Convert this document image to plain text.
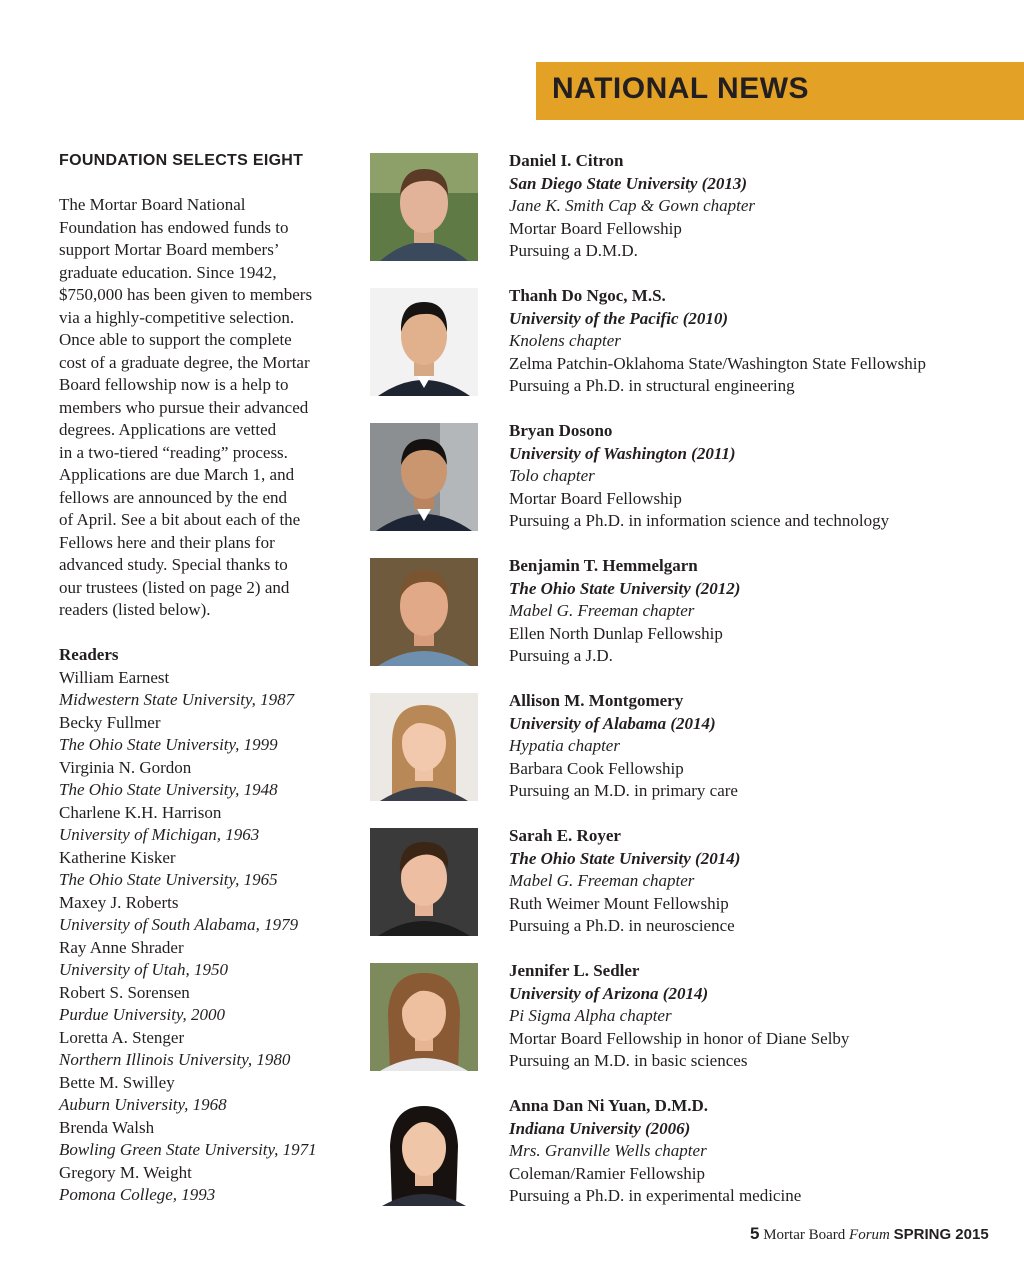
NATIONAL NEWS
FOUNDATION SELECTS EIGHT

The Mortar Board National
Foundation has endowed funds to
support Mortar Board members’
graduate education. Since 1942,
$750,000 has been given to members
via a highly-competitive selection.
Once able to support the complete
cost of a graduate degree, the Mortar
Board fellowship now is a help to
members who pursue their advanced
degrees. Applications are vetted
in a two-tiered “reading” process.
Applications are due March 1, and
fellows are announced by the end
of April. See a bit about each of the
Fellows here and their plans for
advanced study. Special thanks to
our trustees (listed on page 2) and
readers (listed below).

Readers
William Earnest
Midwestern State University, 1987
Becky Fullmer
The Ohio State University, 1999
Virginia N. Gordon
The Ohio State University, 1948
Charlene K.H. Harrison
University of Michigan, 1963
Katherine Kisker
The Ohio State University, 1965
Maxey J. Roberts
University of South Alabama, 1979
Ray Anne Shrader
University of Utah, 1950
Robert S. Sorensen
Purdue University, 2000
Loretta A. Stenger
Northern Illinois University, 1980
Bette M. Swilley
Auburn University, 1968
Brenda Walsh
Bowling Green State University, 1971
Gregory M. Weight
Pomona College, 1993
Daniel I. Citron
San Diego State University (2013)
Jane K. Smith Cap & Gown chapter
Mortar Board Fellowship
Pursuing a D.M.D.
Thanh Do Ngoc, M.S.
University of the Pacific (2010)
Knolens chapter
Zelma Patchin-Oklahoma State/Washington State Fellowship
Pursuing a Ph.D. in structural engineering
Bryan Dosono
University of Washington (2011)
Tolo chapter
Mortar Board Fellowship
Pursuing a Ph.D. in information science and technology
Benjamin T. Hemmelgarn
The Ohio State University (2012)
Mabel G. Freeman chapter
Ellen North Dunlap Fellowship
Pursuing a J.D.
Allison M. Montgomery
University of Alabama (2014)
Hypatia chapter
Barbara Cook Fellowship
Pursuing an M.D. in primary care
Sarah E. Royer
The Ohio State University (2014)
Mabel G. Freeman chapter
Ruth Weimer Mount Fellowship
Pursuing a Ph.D. in neuroscience
Jennifer L. Sedler
University of Arizona (2014)
Pi Sigma Alpha chapter
Mortar Board Fellowship in honor of Diane Selby
Pursuing an M.D. in basic sciences
Anna Dan Ni Yuan, D.M.D.
Indiana University (2006)
Mrs. Granville Wells chapter
Coleman/Ramier Fellowship
Pursuing a Ph.D. in experimental medicine
5 Mortar Board Forum SPRING 2015
